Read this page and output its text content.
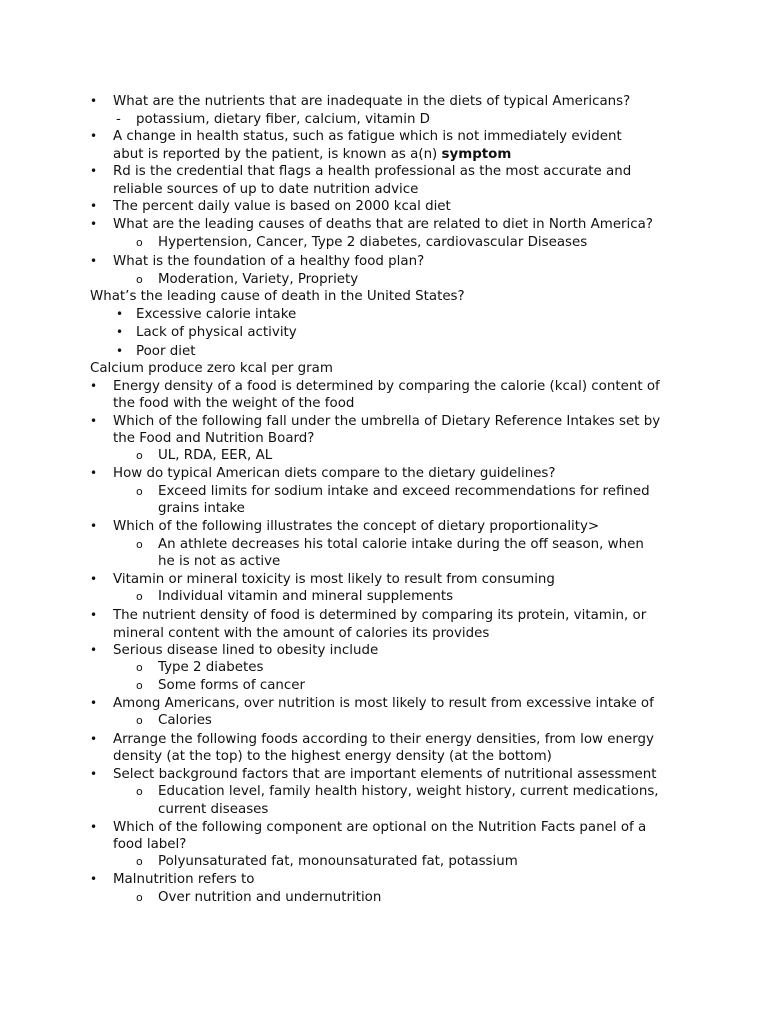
• What are the nutrients that are inadequate in the diets of typical Americans?
- potassium, dietary fiber, calcium, vitamin D
• A change in health status, such as fatigue which is not immediately evident
abut is reported by the patient, is known as a(n) symptom
• Rd is the credential that flags a health professional as the most accurate and
reliable sources of up to date nutrition advice
• The percent daily value is based on 2000 kcal diet
• What are the leading causes of deaths that are related to diet in North America?
o Hypertension, Cancer, Type 2 diabetes, cardiovascular Diseases
• What is the foundation of a healthy food plan?
o Moderation, Variety, Propriety
What’s the leading cause of death in the United States?
• Excessive calorie intake
• Lack of physical activity
• Poor diet
Calcium produce zero kcal per gram
• Energy density of a food is determined by comparing the calorie (kcal) content of
the food with the weight of the food
• Which of the following fall under the umbrella of Dietary Reference Intakes set by
the Food and Nutrition Board?
o UL, RDA, EER, AL
• How do typical American diets compare to the dietary guidelines?
o Exceed limits for sodium intake and exceed recommendations for refined
grains intake
• Which of the following illustrates the concept of dietary proportionality>
o An athlete decreases his total calorie intake during the off season, when
he is not as active
• Vitamin or mineral toxicity is most likely to result from consuming
o Individual vitamin and mineral supplements
• The nutrient density of food is determined by comparing its protein, vitamin, or
mineral content with the amount of calories its provides
• Serious disease lined to obesity include
o Type 2 diabetes
o Some forms of cancer
• Among Americans, over nutrition is most likely to result from excessive intake of
o Calories
• Arrange the following foods according to their energy densities, from low energy
density (at the top) to the highest energy density (at the bottom)
• Select background factors that are important elements of nutritional assessment
o Education level, family health history, weight history, current medications,
current diseases
• Which of the following component are optional on the Nutrition Facts panel of a
food label?
o Polyunsaturated fat, monounsaturated fat, potassium
• Malnutrition refers to
o Over nutrition and undernutrition
